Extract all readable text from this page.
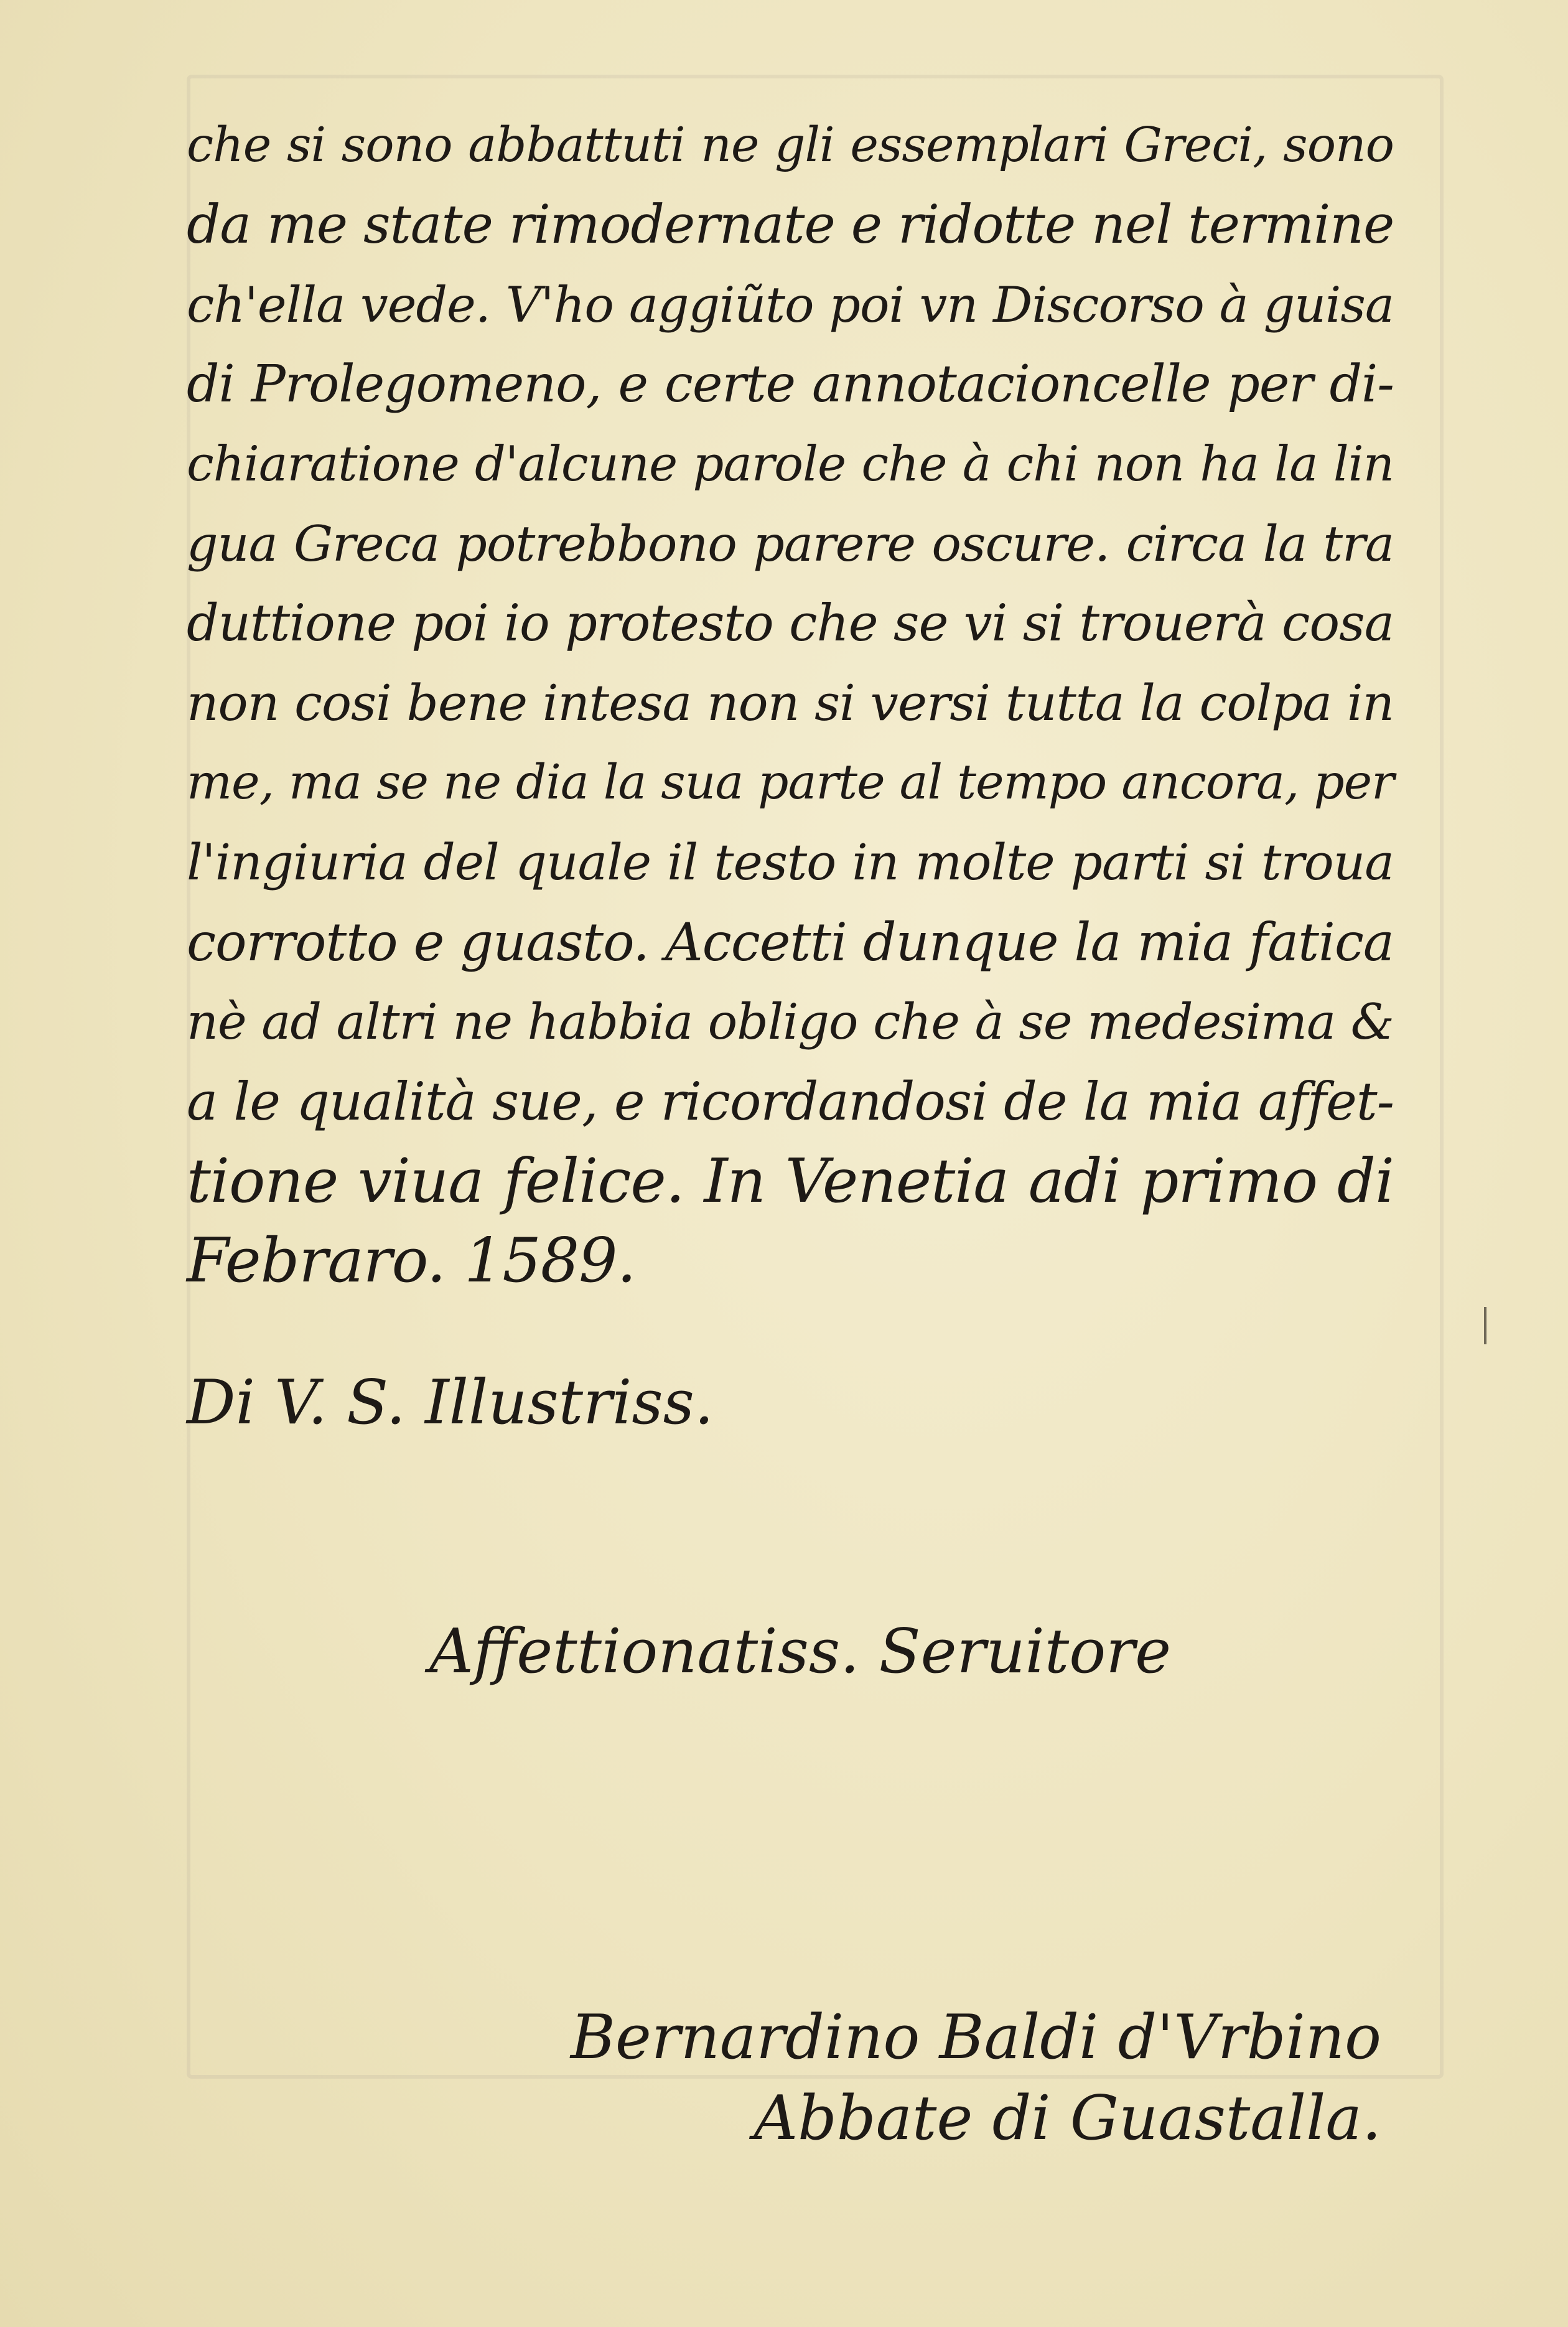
che si sono abbattuti ne gli essemplari Greci, sono
da me state rimodernate e ridotte nel termine
ch'ella vede. V'ho aggiũto poi vn Discorso à guisa
di Prolegomeno, e certe annotacioncelle per di-
chiaratione d'alcune parole che à chi non ha la lin
gua Greca potrebbono parere oscure. circa la tra
duttione poi io protesto che se vi si trouerà cosa
non cosi bene intesa non si versi tutta la colpa in
me, ma se ne dia la sua parte al tempo ancora, per
l'ingiuria del quale il testo in molte parti si troua
corrotto e guasto. Accetti dunque la mia fatica
nè ad altri ne habbia obligo che à se medesima &
a le qualità sue, e ricordandosi de la mia affet-
tione viua felice. In Venetia adi primo di
Febraro. 1589.
Di V. S. Illustriss.
Affettionatiss. Seruitore
Bernardino Baldi d'Vrbino
Abbate di Guastalla.
